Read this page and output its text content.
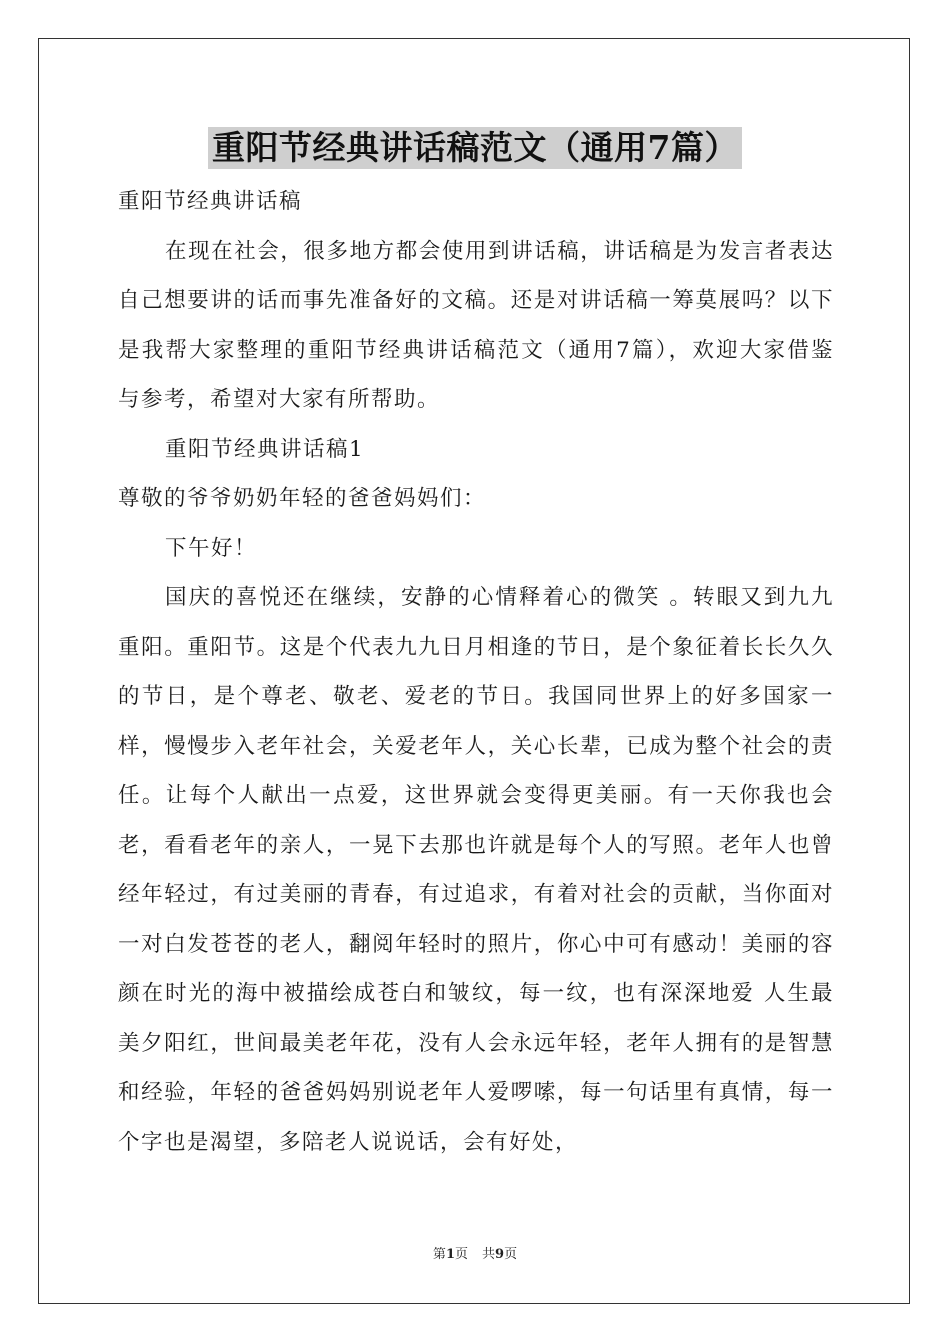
重阳节经典讲话稿范文（通用7篇）

重阳节经典讲话稿

在现在社会，很多地方都会使用到讲话稿，讲话稿是为发言者表达自己想要讲的话而事先准备好的文稿。还是对讲话稿一筹莫展吗？以下是我帮大家整理的重阳节经典讲话稿范文（通用7篇），欢迎大家借鉴与参考，希望对大家有所帮助。

重阳节经典讲话稿1

尊敬的爷爷奶奶年轻的爸爸妈妈们：

下午好！

国庆的喜悦还在继续，安静的心情释着心的微笑 。转眼又到九九重阳。重阳节。这是个代表九九日月相逢的节日，是个象征着长长久久的节日，是个尊老、敬老、爱老的节日。我国同世界上的好多国家一样，慢慢步入老年社会，关爱老年人，关心长辈，已成为整个社会的责任。让每个人献出一点爱，这世界就会变得更美丽。有一天你我也会老，看看老年的亲人，一晃下去那也许就是每个人的写照。老年人也曾经年轻过，有过美丽的青春，有过追求，有着对社会的贡献，当你面对一对白发苍苍的老人，翻阅年轻时的照片，你心中可有感动！美丽的容颜在时光的海中被描绘成苍白和皱纹，每一纹，也有深深地爱 人生最美夕阳红，世间最美老年花，没有人会永远年轻，老年人拥有的是智慧和经验，年轻的爸爸妈妈别说老年人爱啰嗦，每一句话里有真情，每一个字也是渴望，多陪老人说说话，会有好处，

第1页 共9页
